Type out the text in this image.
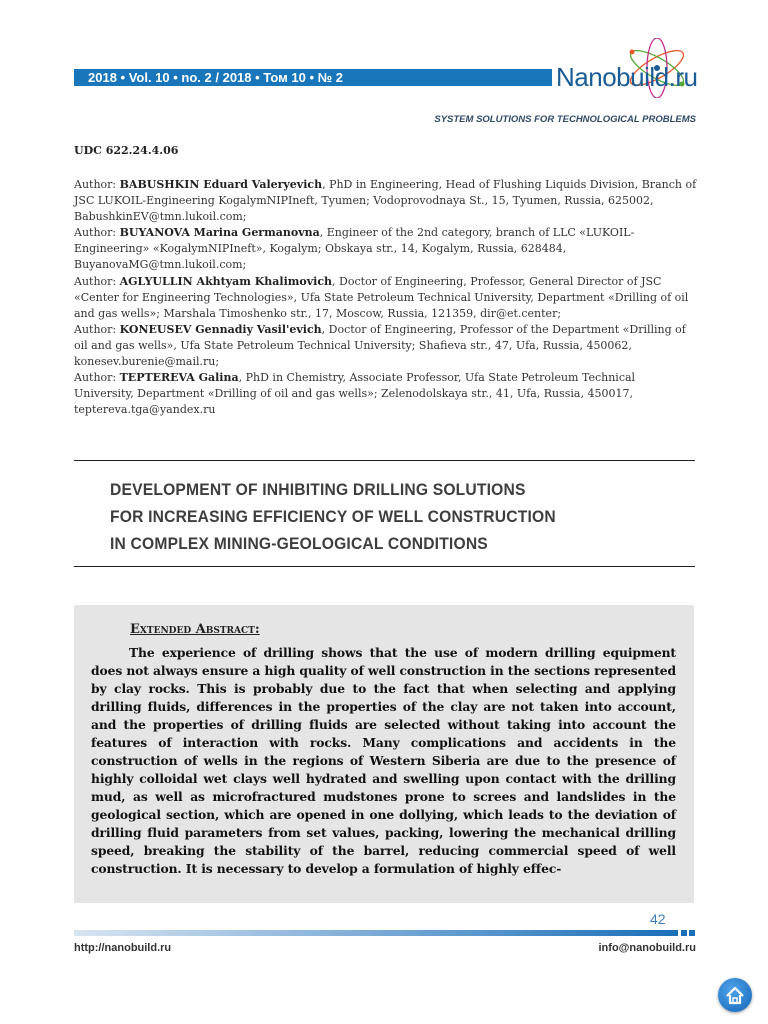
2018 • Vol. 10 • no. 2 / 2018 • Том 10 • № 2	Nanobuild.ru
SYSTEM SOLUTIONS FOR TECHNOLOGICAL PROBLEMS
UDC 622.24.4.06

Author: BABUSHKIN Eduard Valeryevich, PhD in Engineering, Head of Flushing Liquids Division, Branch of JSC LUKOIL-Engineering KogalymNIPIneft, Tyumen; Vodoprovodnaya St., 15, Tyumen, Russia, 625002, BabushkinEV@tmn.lukoil.com;

Author: BUYANOVA Marina Germanovna, Engineer of the 2nd category, branch of LLC «LUKOIL-Engineering» «KogalymNIPIneft», Kogalym; Obskaya str., 14, Kogalym, Russia, 628484, BuyanovaMG@tmn.lukoil.com;

Author: AGLYULLIN Akhtyam Khalimovich, Doctor of Engineering, Professor, General Director of JSC «Center for Engineering Technologies», Ufa State Petroleum Technical University, Department «Drilling of oil and gas wells»; Marshala Timoshenko str., 17, Moscow, Russia, 121359, dir@et.center;

Author: KONEUSEV Gennadiy Vasil'evich, Doctor of Engineering, Professor of the Department «Drilling of oil and gas wells», Ufa State Petroleum Technical University; Shafieva str., 47, Ufa, Russia, 450062, konesev.burenie@mail.ru;

Author: TEPTEREVA Galina, PhD in Chemistry, Associate Professor, Ufa State Petroleum Technical University, Department «Drilling of oil and gas wells»; Zelenodolskaya str., 41, Ufa, Russia, 450017, teptereva.tga@yandex.ru

DEVELOPMENT OF INHIBITING DRILLING SOLUTIONS
FOR INCREASING EFFICIENCY OF WELL CONSTRUCTION
IN COMPLEX MINING-GEOLOGICAL CONDITIONS
Extended Abstract:
The experience of drilling shows that the use of modern drilling equipment does not always ensure a high quality of well construction in the sections represented by clay rocks. This is probably due to the fact that when selecting and applying drilling fluids, differences in the properties of the clay are not taken into account, and the properties of drilling fluids are selected without taking into account the features of interaction with rocks. Many complications and accidents in the construction of wells in the regions of Western Siberia are due to the presence of highly colloidal wet clays well hydrated and swelling upon contact with the drilling mud, as well as microfractured mudstones prone to screes and landslides in the geological section, which are opened in one dollying, which leads to the deviation of drilling fluid parameters from set values, packing, lowering the mechanical drilling speed, breaking the stability of the barrel, reducing commercial speed of well construction. It is necessary to develop a formulation of highly effec-
42
http://nanobuild.ru	info@nanobuild.ru
